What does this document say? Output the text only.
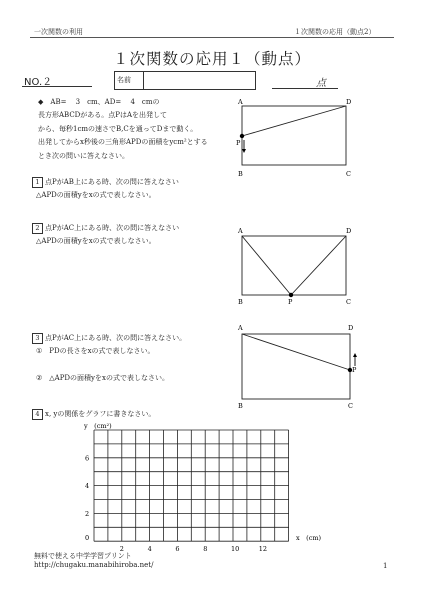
一次関数の利用	１次関数の応用（動点2）
１次関数の応用１（動点）
NO.２	名前	点
◆　AB=　 3　cm、AD=　 4　cmの
長方形ABCDがある。点PはAを出発して
から、毎秒1cmの速さでB,Cを通ってDまで動く。
出発してからx秒後の三角形APDの面積をycm²とする
とき次の問いに答えなさい。
A	D
B	C
P
1 点PがAB上にある時、次の問に答えなさい
△APDの面積yをxの式で表しなさい。
2 点PがAC上にある時、次の問に答えなさい
△APDの面積yをxの式で表しなさい。
A	D
B	C
P
3 点PがAC上にある時、次の問に答えなさい。
①　PDの長さをxの式で表しなさい。
②　△APDの面積yをxの式で表しなさい。
A	D
B	C
P
4 x, yの関係をグラフに書きなさい。
y　(cm²)
x　(cm)
0
2	4	6	8	10	12
6
4
2
無料で使える中学学習プリント
http://chugaku.manabihiroba.net/	1
